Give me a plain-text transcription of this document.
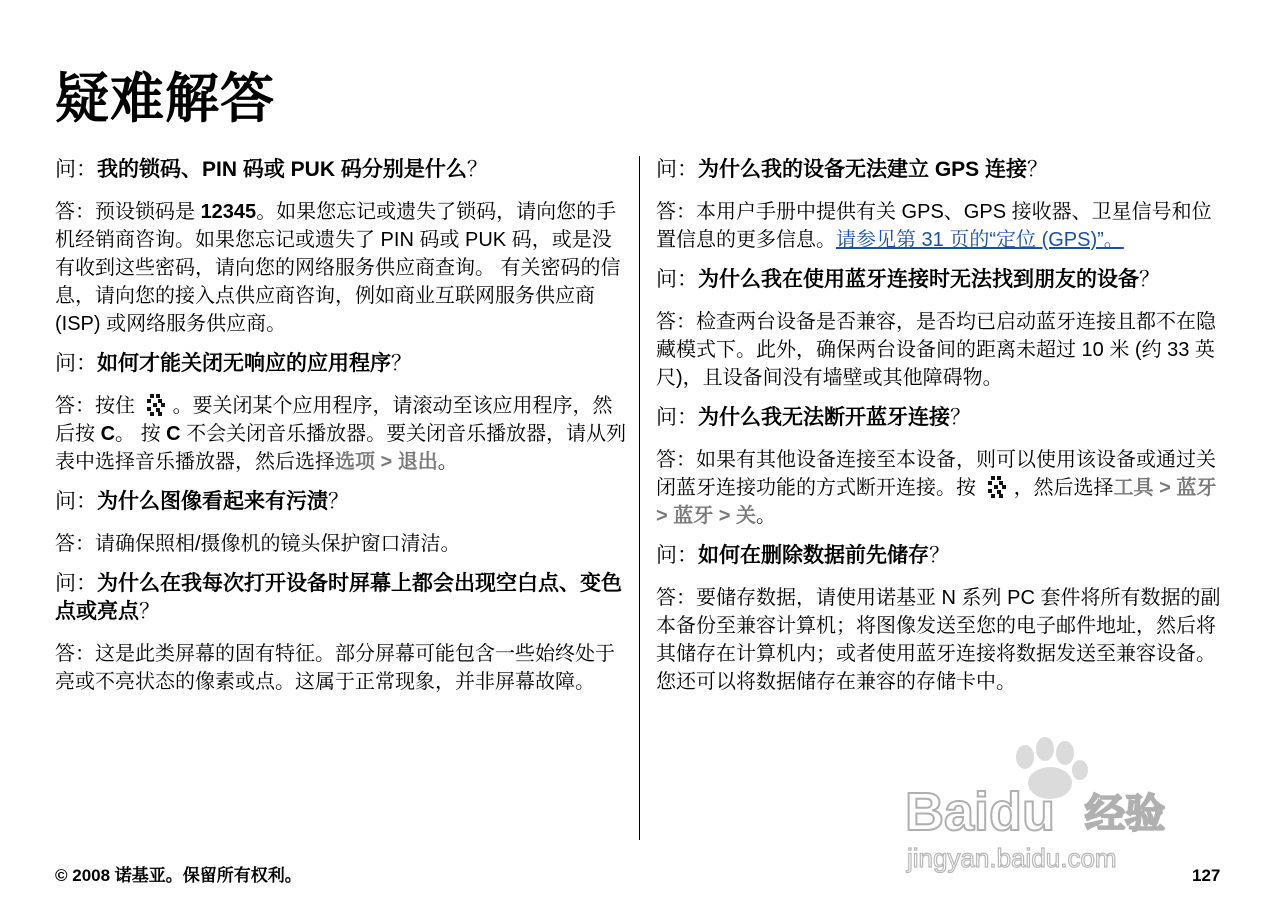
疑难解答

问：我的锁码、PIN 码或 PUK 码分别是什么？

答：预设锁码是 12345。如果您忘记或遗失了锁码，请向您的手机经销商咨询。如果您忘记或遗失了 PIN 码或 PUK 码，或是没有收到这些密码，请向您的网络服务供应商查询。 有关密码的信息，请向您的接入点供应商咨询，例如商业互联网服务供应商 (ISP) 或网络服务供应商。

问：如何才能关闭无响应的应用程序？

答：按住 。要关闭某个应用程序，请滚动至该应用程序，然后按 C。 按 C 不会关闭音乐播放器。要关闭音乐播放器，请从列表中选择音乐播放器，然后选择选项 > 退出。

问：为什么图像看起来有污渍？

答：请确保照相/摄像机的镜头保护窗口清洁。

问：为什么在我每次打开设备时屏幕上都会出现空白点、变色点或亮点？

答：这是此类屏幕的固有特征。部分屏幕可能包含一些始终处于亮或不亮状态的像素或点。这属于正常现象，并非屏幕故障。

问：为什么我的设备无法建立 GPS 连接？

答：本用户手册中提供有关 GPS、GPS 接收器、卫星信号和位置信息的更多信息。请参见第 31 页的“定位 (GPS)”。

问：为什么我在使用蓝牙连接时无法找到朋友的设备？

答：检查两台设备是否兼容，是否均已启动蓝牙连接且都不在隐藏模式下。此外，确保两台设备间的距离未超过 10 米 (约 33 英尺)，且设备间没有墙壁或其他障碍物。

问：为什么我无法断开蓝牙连接？

答：如果有其他设备连接至本设备，则可以使用该设备或通过关闭蓝牙连接功能的方式断开连接。按 ，然后选择工具 > 蓝牙 > 蓝牙 > 关。

问：如何在删除数据前先储存？

答：要储存数据，请使用诺基亚 N 系列 PC 套件将所有数据的副本备份至兼容计算机；将图像发送至您的电子邮件地址，然后将其储存在计算机内；或者使用蓝牙连接将数据发送至兼容设备。您还可以将数据储存在兼容的存储卡中。

Baidu 经验
jingyan.baidu.com
© 2008 诺基亚。保留所有权利。	127
